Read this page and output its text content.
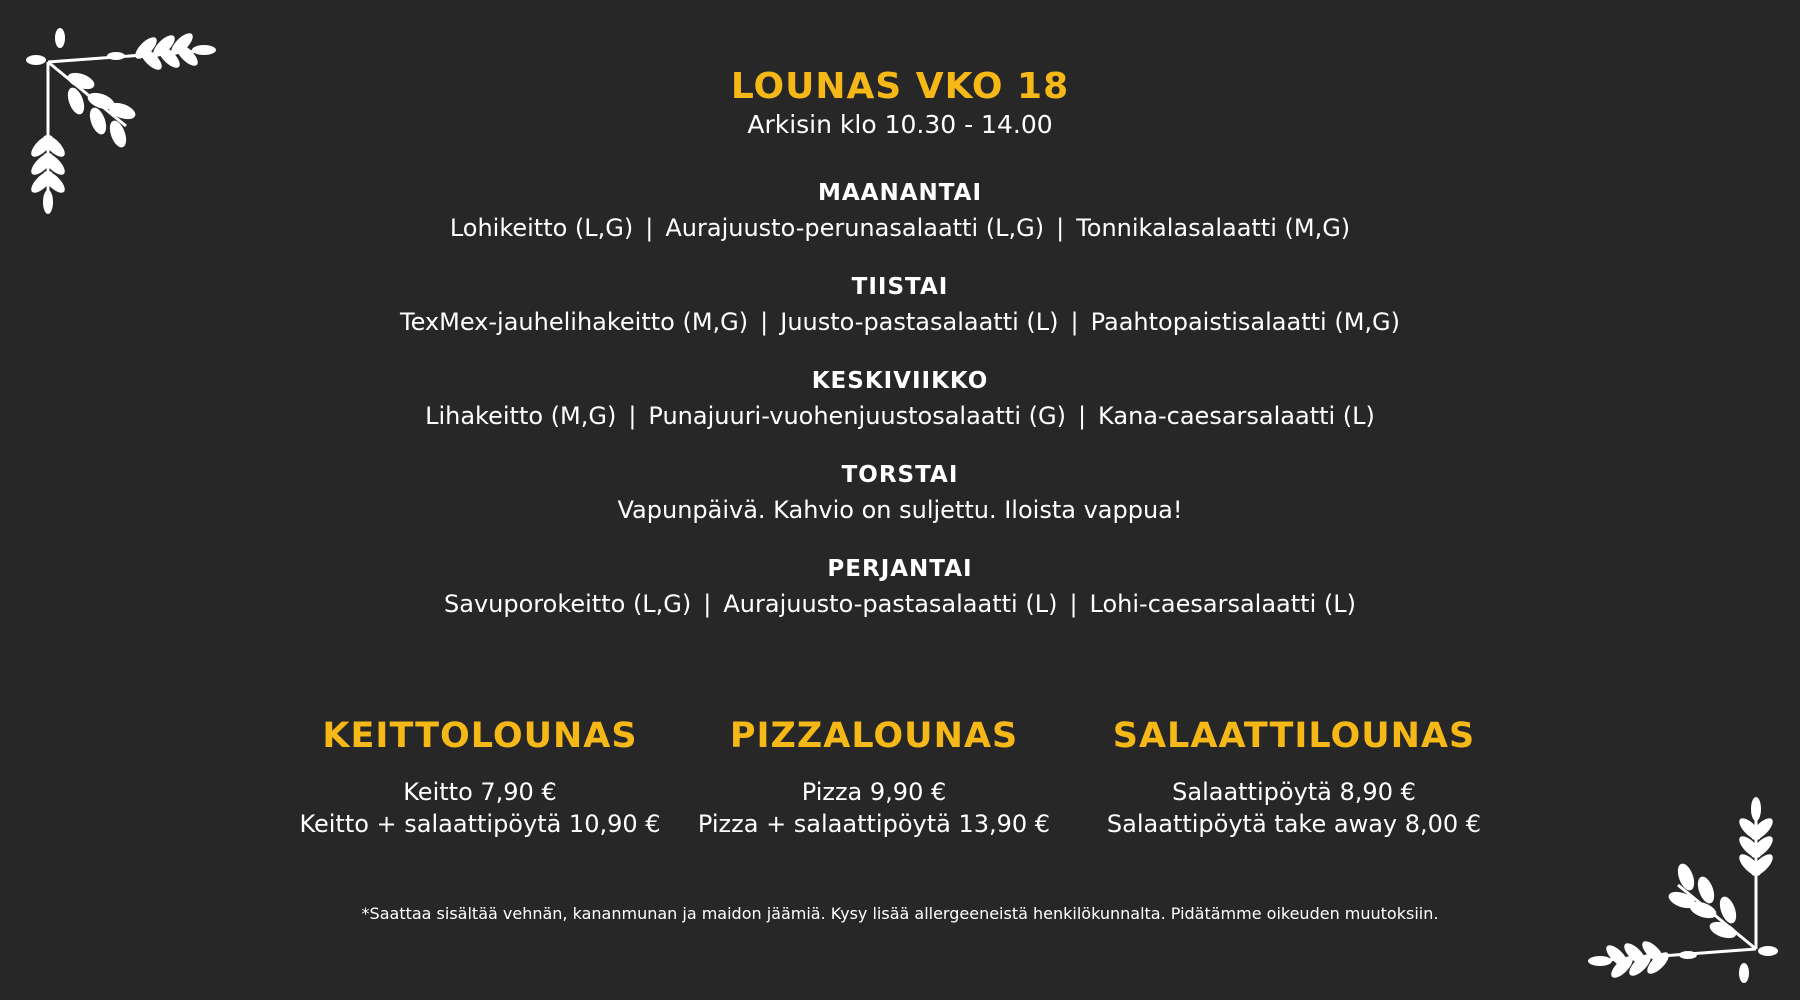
LOUNAS VKO 18
Arkisin klo 10.30 - 14.00
MAANANTAI
Lohikeitto (L,G) | Aurajuusto-perunasalaatti (L,G) | Tonnikalasalaatti (M,G)
TIISTAI
TexMex-jauhelihakeitto (M,G) | Juusto-pastasalaatti (L) | Paahtopaistisalaatti (M,G)
KESKIVIIKKO
Lihakeitto (M,G) | Punajuuri-vuohenjuustosalaatti (G) | Kana-caesarsalaatti (L)
TORSTAI
Vapunpäivä. Kahvio on suljettu. Iloista vappua!
PERJANTAI
Savuporokeitto (L,G) | Aurajuusto-pastasalaatti (L) | Lohi-caesarsalaatti (L)
KEITTOLOUNAS
Keitto 7,90 €
Keitto + salaattipöytä 10,90 €
PIZZALOUNAS
Pizza 9,90 €
Pizza + salaattipöytä 13,90 €
SALAATTILOUNAS
Salaattipöytä 8,90 €
Salaattipöytä take away 8,00 €
*Saattaa sisältää vehnän, kananmunan ja maidon jäämiä. Kysy lisää allergeeneistä henkilökunnalta. Pidätämme oikeuden muutoksiin.
